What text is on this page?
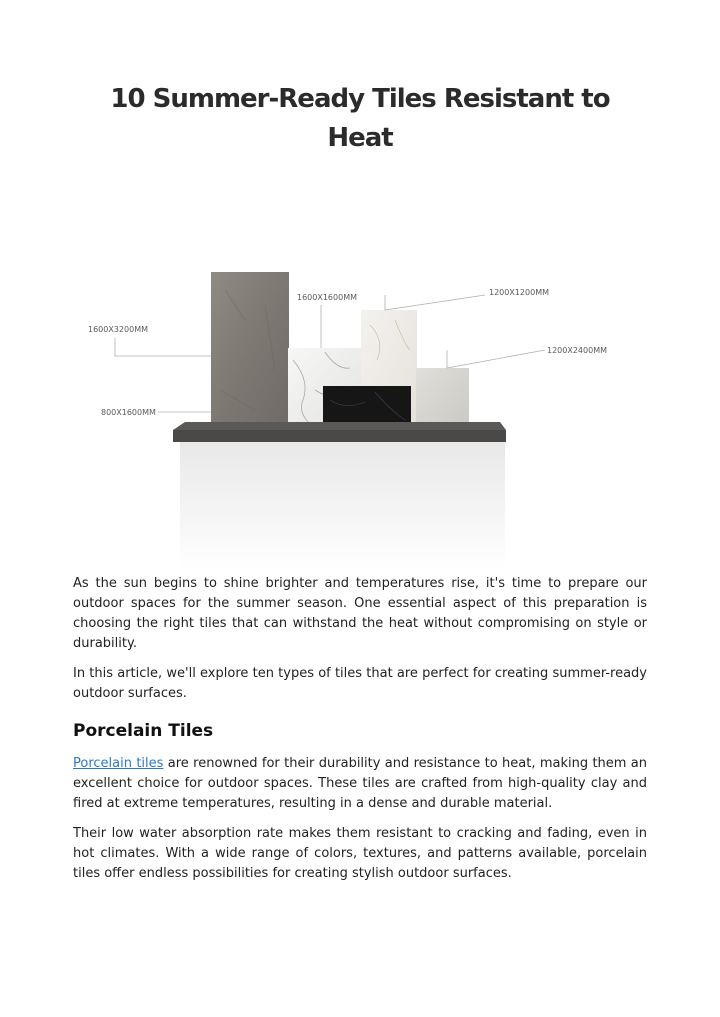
10 Summer-Ready Tiles Resistant to Heat
1600X3200MM
800X1600MM
1600X1600MM
1200X1200MM
1200X2400MM

As the sun begins to shine brighter and temperatures rise, it's time to prepare our outdoor spaces for the summer season. One essential aspect of this preparation is choosing the right tiles that can withstand the heat without compromising on style or durability.

In this article, we'll explore ten types of tiles that are perfect for creating summer-ready outdoor surfaces.

Porcelain Tiles

Porcelain tiles are renowned for their durability and resistance to heat, making them an excellent choice for outdoor spaces. These tiles are crafted from high-quality clay and fired at extreme temperatures, resulting in a dense and durable material.

Their low water absorption rate makes them resistant to cracking and fading, even in hot climates. With a wide range of colors, textures, and patterns available, porcelain tiles offer endless possibilities for creating stylish outdoor surfaces.
